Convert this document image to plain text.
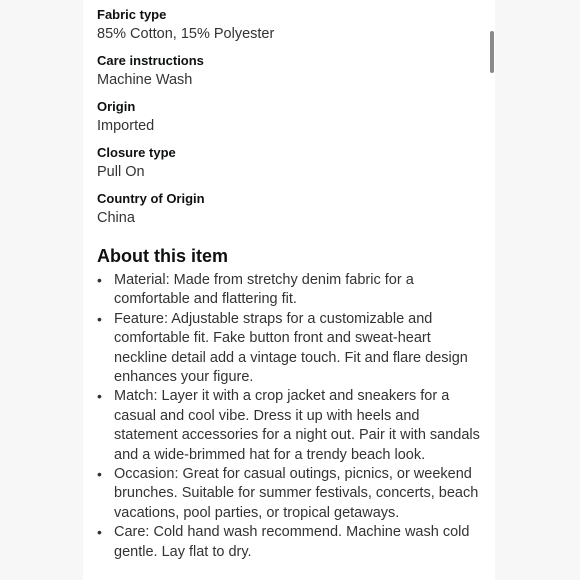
Fabric type
85% Cotton, 15% Polyester
Care instructions
Machine Wash
Origin
Imported
Closure type
Pull On
Country of Origin
China
About this item
• Material: Made from stretchy denim fabric for a comfortable and flattering fit.
• Feature: Adjustable straps for a customizable and comfortable fit. Fake button front and sweat-heart neckline detail add a vintage touch. Fit and flare design enhances your figure.
• Match: Layer it with a crop jacket and sneakers for a casual and cool vibe. Dress it up with heels and statement accessories for a night out. Pair it with sandals and a wide-brimmed hat for a trendy beach look.
• Occasion: Great for casual outings, picnics, or weekend brunches. Suitable for summer festivals, concerts, beach vacations, pool parties, or tropical getaways.
• Care: Cold hand wash recommend. Machine wash cold gentle. Lay flat to dry.
